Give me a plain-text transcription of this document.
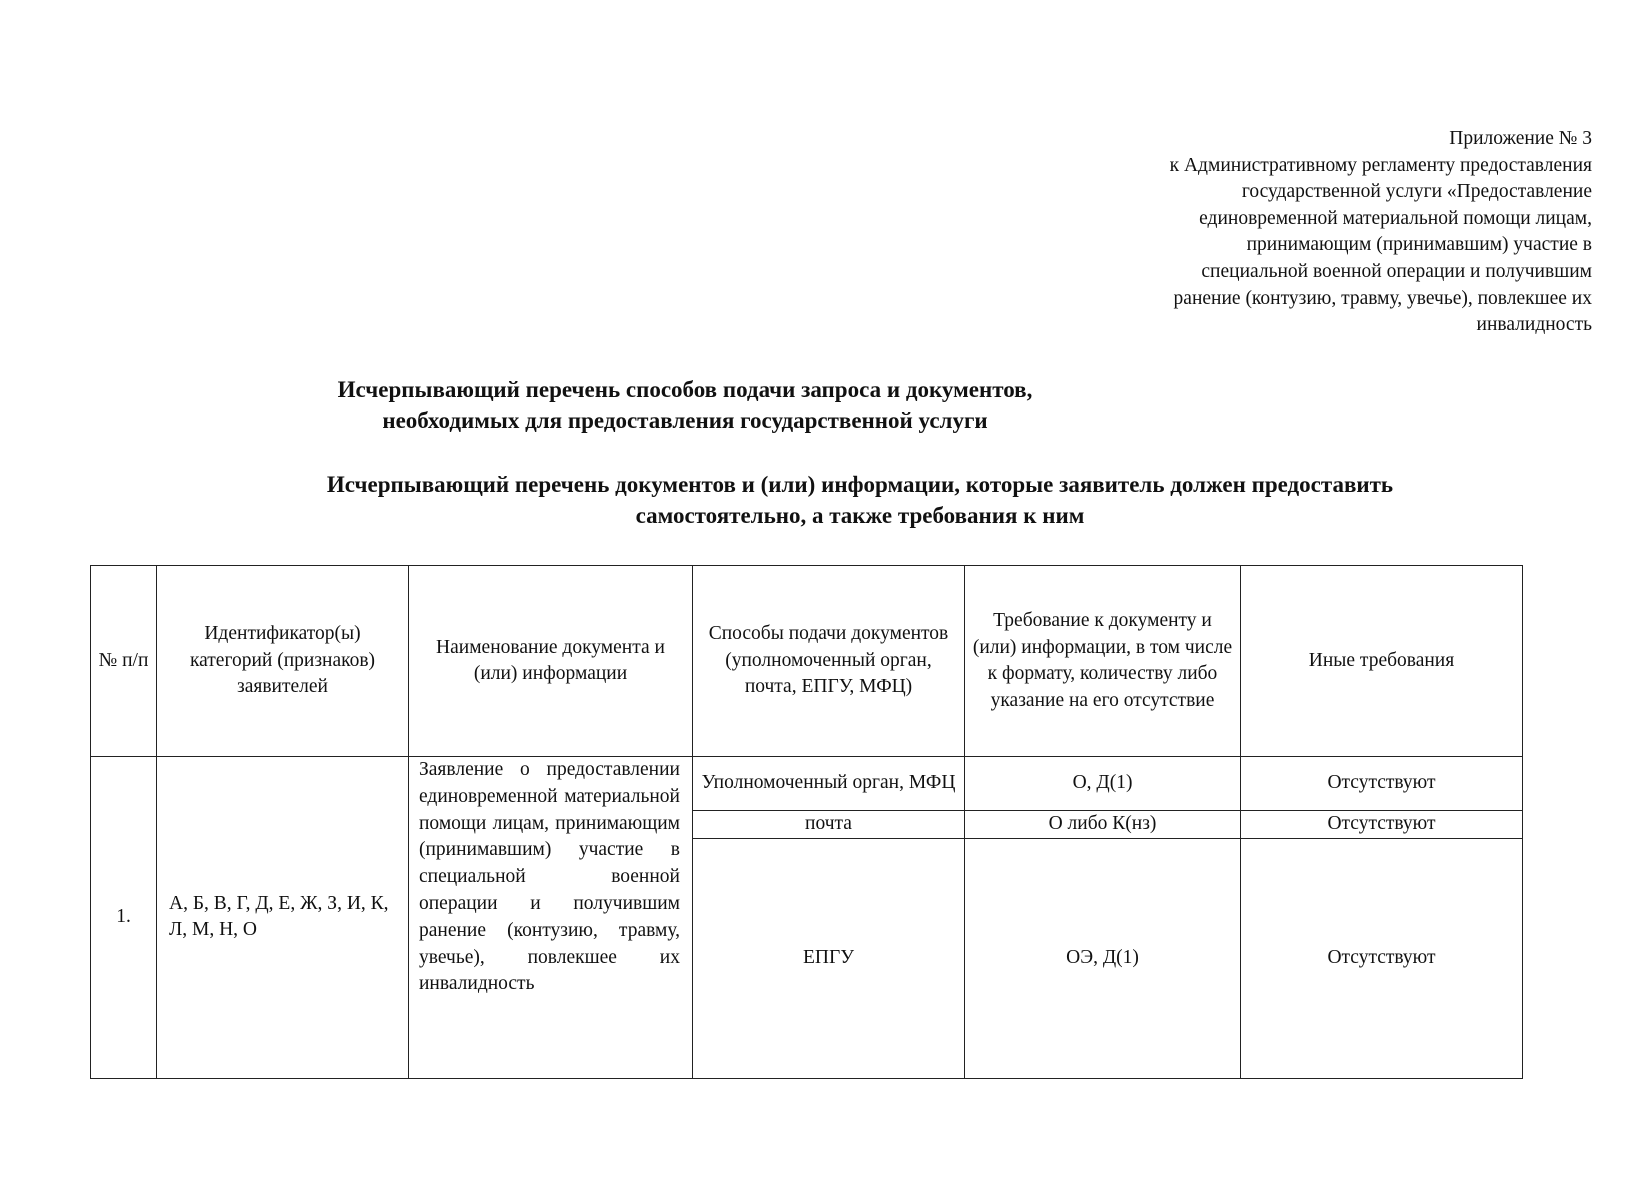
Приложение № 3
к Административному регламенту предоставления
государственной услуги «Предоставление
единовременной материальной помощи лицам,
принимающим (принимавшим) участие в
специальной военной операции и получившим
ранение (контузию, травму, увечье), повлекшее их
инвалидность
Исчерпывающий перечень способов подачи запроса и документов,
необходимых для предоставления государственной услуги
Исчерпывающий перечень документов и (или) информации, которые заявитель должен предоставить
самостоятельно, а также требования к ним
№ п/п	Идентификатор(ы) категорий (признаков) заявителей	Наименование документа и (или) информации	Способы подачи документов (уполномоченный орган, почта, ЕПГУ, МФЦ)	Требование к документу и (или) информации, в том числе к формату, количеству либо указание на его отсутствие	Иные требования
1.	А, Б, В, Г, Д, Е, Ж, З, И, К, Л, М, Н, О	Заявление о предоставлении единовременной материальной помощи лицам, принимающим (принимавшим) участие в специальной военной операции и получившим ранение (контузию, травму, увечье), повлекшее их инвалидность	Уполномоченный орган, МФЦ	О, Д(1)	Отсутствуют
			почта	О либо К(нз)	Отсутствуют
			ЕПГУ	ОЭ, Д(1)	Отсутствуют
